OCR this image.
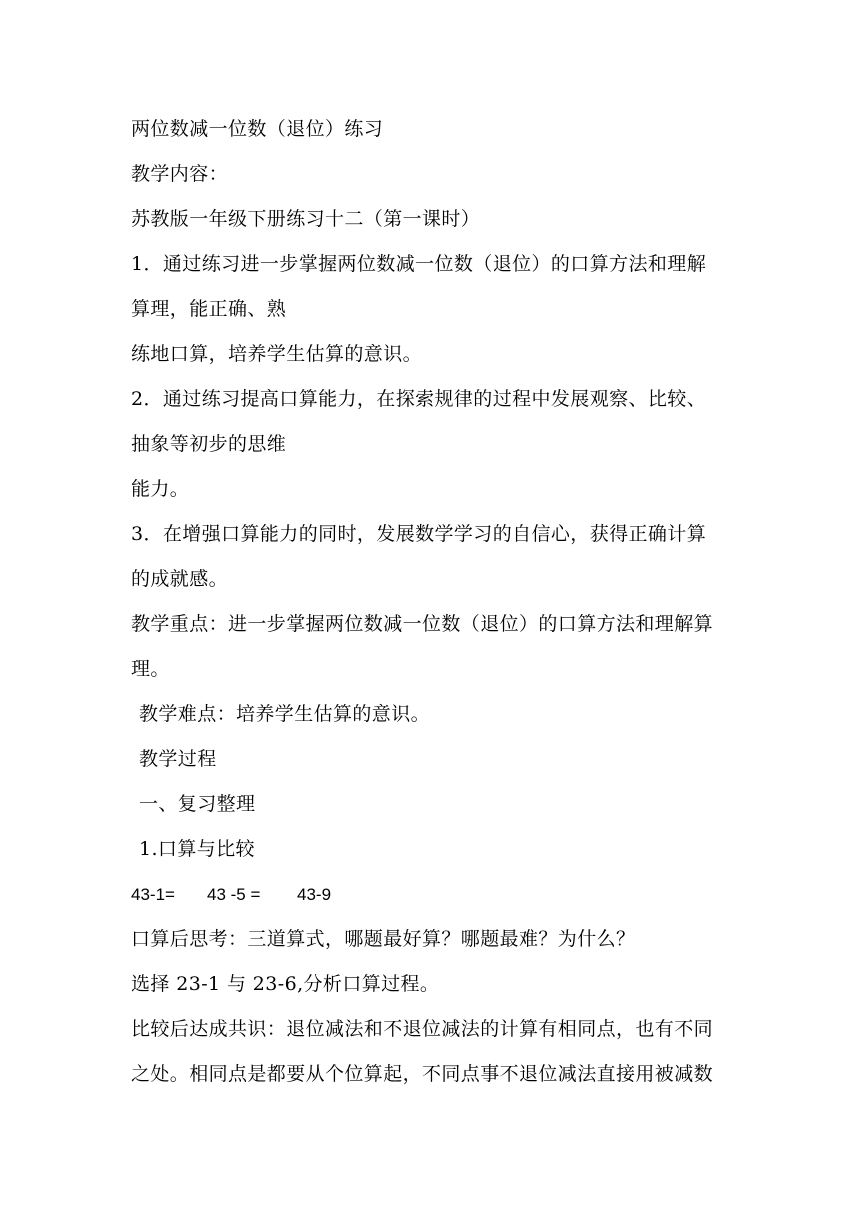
两位数减一位数（退位）练习
教学内容：
苏教版一年级下册练习十二（第一课时）
1．通过练习进一步掌握两位数减一位数（退位）的口算方法和理解
算理，能正确、熟
练地口算，培养学生估算的意识。
2．通过练习提高口算能力，在探索规律的过程中发展观察、比较、
抽象等初步的思维
能力。
3．在增强口算能力的同时，发展数学学习的自信心，获得正确计算
的成就感。
教学重点：进一步掌握两位数减一位数（退位）的口算方法和理解算
理。
教学难点：培养学生估算的意识。
教学过程
一、复习整理
1.口算与比较

43-1=

43 -5 =

43-9

口算后思考：三道算式，哪题最好算？哪题最难？为什么？
选择 23-1 与 23-6,分析口算过程。
比较后达成共识：退位减法和不退位减法的计算有相同点，也有不同
之处。相同点是都要从个位算起，不同点事不退位减法直接用被减数
